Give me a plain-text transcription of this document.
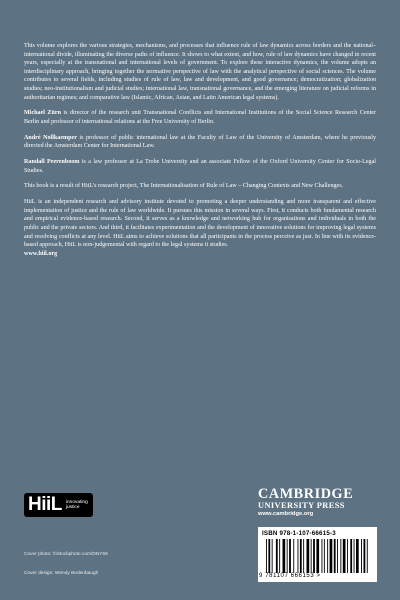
This volume explores the various strategies, mechanisms, and processes that influence rule of law dynamics across borders and the national–international divide, illuminating the diverse paths of influence. It shows to what extent, and how, rule of law dynamics have changed in recent years, especially at the transnational and international levels of government. To explore these interactive dynamics, the volume adopts an interdisciplinary approach, bringing together the normative perspective of law with the analytical perspective of social sciences. The volume contributes to several fields, including studies of rule of law, law and development, and good governance; democratization; globalization studies; neo-institutionalism and judicial studies; international law, transnational governance, and the emerging literature on judicial reforms in authoritarian regimes; and comparative law (Islamic, African, Asian, and Latin American legal systems).

Michael Zürn is director of the research unit Transnational Conflicts and International Institutions of the Social Science Research Center Berlin and professor of international relations at the Free University of Berlin.

André Nollkaemper is professor of public international law at the Faculty of Law of the University of Amsterdam, where he previously directed the Amsterdam Center for International Law.

Randall Peerenboom is a law professor at La Trobe University and an associate Fellow of the Oxford University Center for Socio-Legal Studies.

This book is a result of HiiL's research project, The Internationalisation of Rule of Law – Changing Contexts and New Challenges.

HiiL is an independent research and advisory institute devoted to promoting a deeper understanding and more transparent and effective implementation of justice and the rule of law worldwide. It pursues this mission in several ways. First, it conducts both fundamental research and empirical evidence-based research. Second, it serves as a knowledge and networking hub for organisations and individuals in both the public and the private sectors. And third, it facilitates experimentation and the development of innovative solutions for improving legal systems and resolving conflicts at any level. HiiL aims to achieve solutions that all participants in the process perceive as just. In line with its evidence-based approach, HiiL is non-judgemental with regard to the legal systems it studies.
www.hiil.org

HiiL innovating
justice
CAMBRIDGE
UNIVERSITY PRESS
www.cambridge.org
ISBN 978-1-107-66615-3
9 781107 666153 >
Cover photo: ©istockphoto.com/DNY59
Cover design: Wendy Bedenbaugh
